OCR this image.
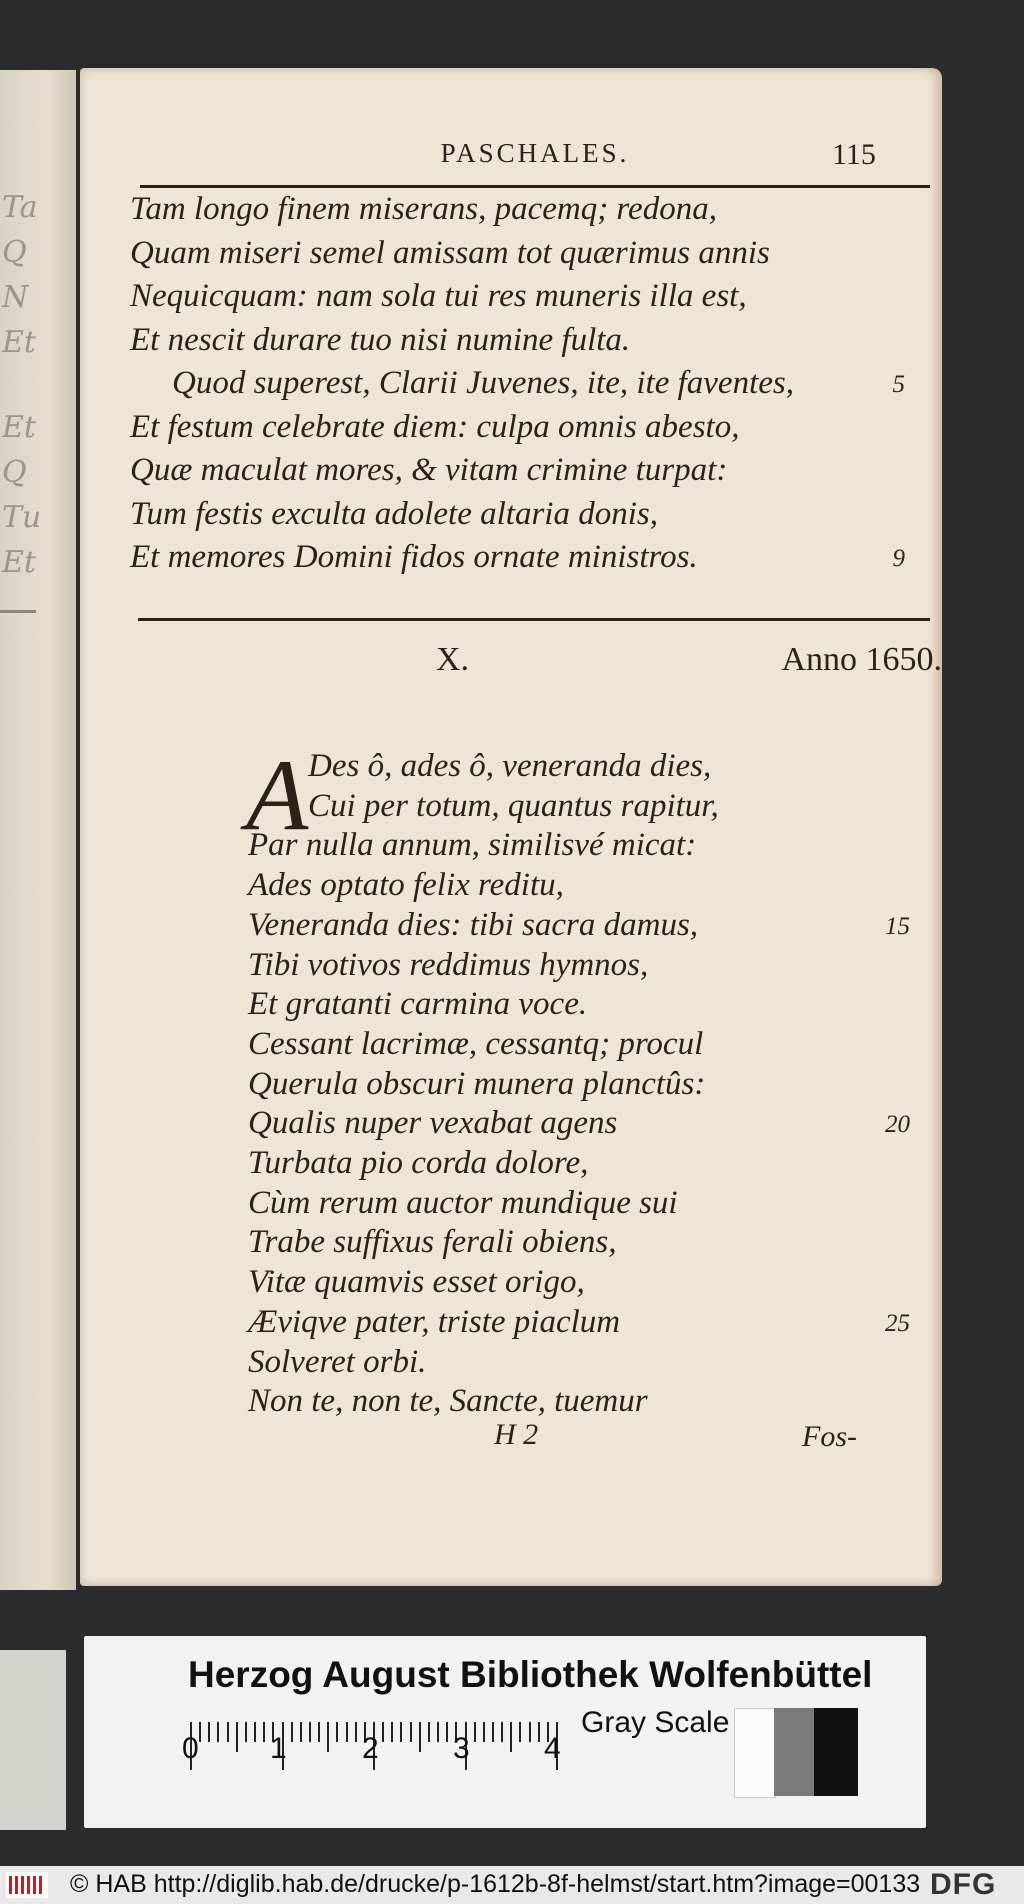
Ta
Q
N
Et
Et
Q
Tu
Et
PASCHALES.	115
Tam longo finem miserans, pacemq; redona,
Quam miseri semel amissam tot quærimus annis
Nequicquam: nam sola tui res muneris illa est,
Et nescit durare tuo nisi numine fulta.
Quod superest, Clarii Juvenes, ite, ite faventes,	5
Et festum celebrate diem: culpa omnis abesto,
Quæ maculat mores, & vitam crimine turpat:
Tum festis exculta adolete altaria donis,
Et memores Domini fidos ornate ministros.	9
X.	Anno 1650.
A Des ô, ades ô, veneranda dies,
Cui per totum, quantus rapitur,
Par nulla annum, similisvé micat:
Ades optato felix reditu,
Veneranda dies: tibi sacra damus,	15
Tibi votivos reddimus hymnos,
Et gratanti carmina voce.
Cessant lacrimæ, cessantq; procul
Querula obscuri munera planctûs:
Qualis nuper vexabat agens	20
Turbata pio corda dolore,
Cùm rerum auctor mundique sui
Trabe suffixus ferali obiens,
Vitæ quamvis esset origo,
Æviqve pater, triste piaclum	25
Solveret orbi.
Non te, non te, Sancte, tuemur
H 2	Fos-
Herzog August Bibliothek Wolfenbüttel
0 1	2 3 4
Gray Scale
© HAB http://diglib.hab.de/drucke/p-1612b-8f-helmst/start.htm?image=00133 DFG
